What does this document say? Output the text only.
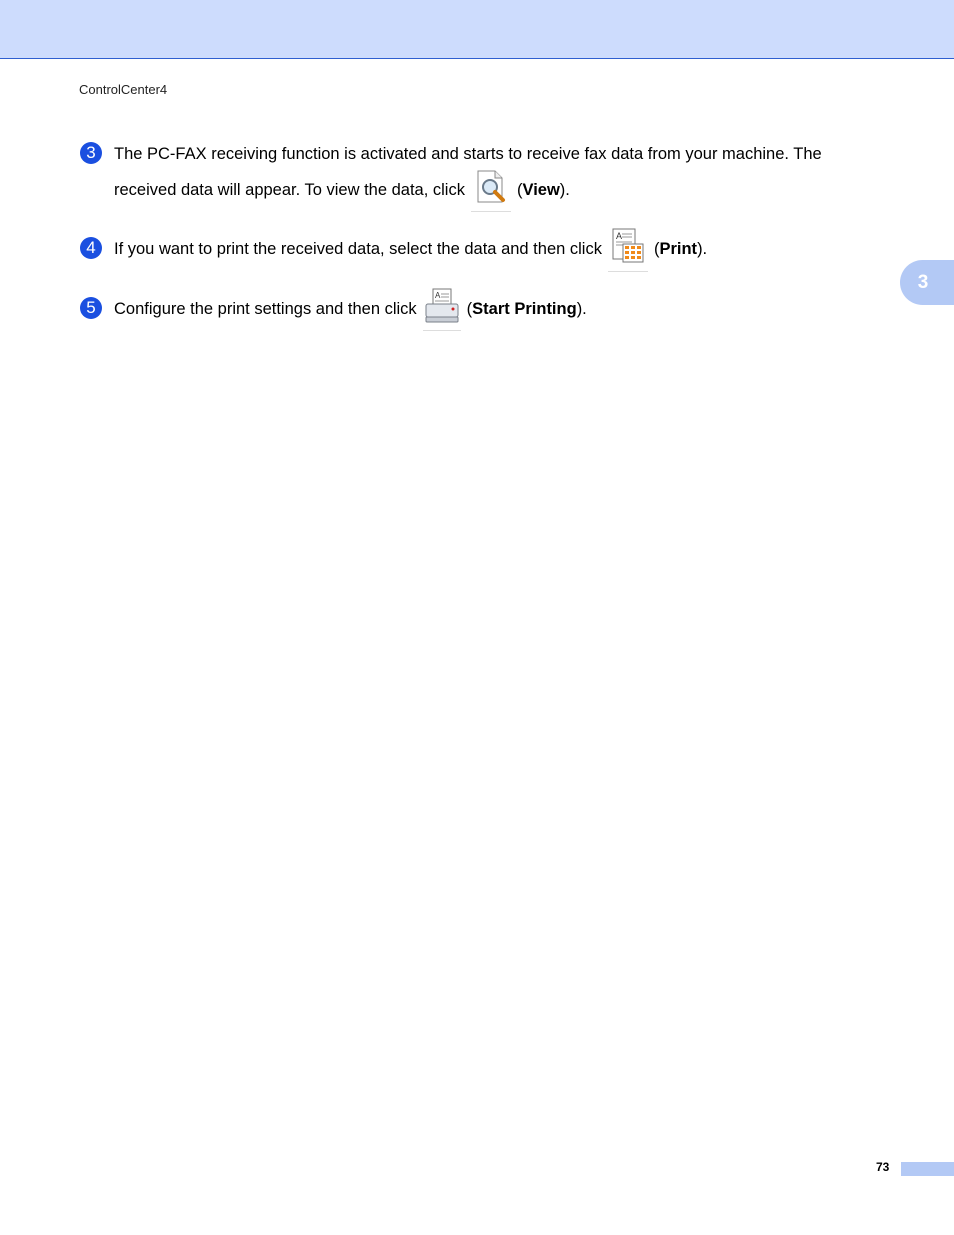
ControlCenter4
3
3	The PC-FAX receiving function is activated and starts to receive fax data from your machine. The
received data will appear. To view the data, click	( View ).
4	If you want to print the received data, select the data and then click
A
( Print ).
5	Configure the print settings and then click
A
( Start Printing ).
73
